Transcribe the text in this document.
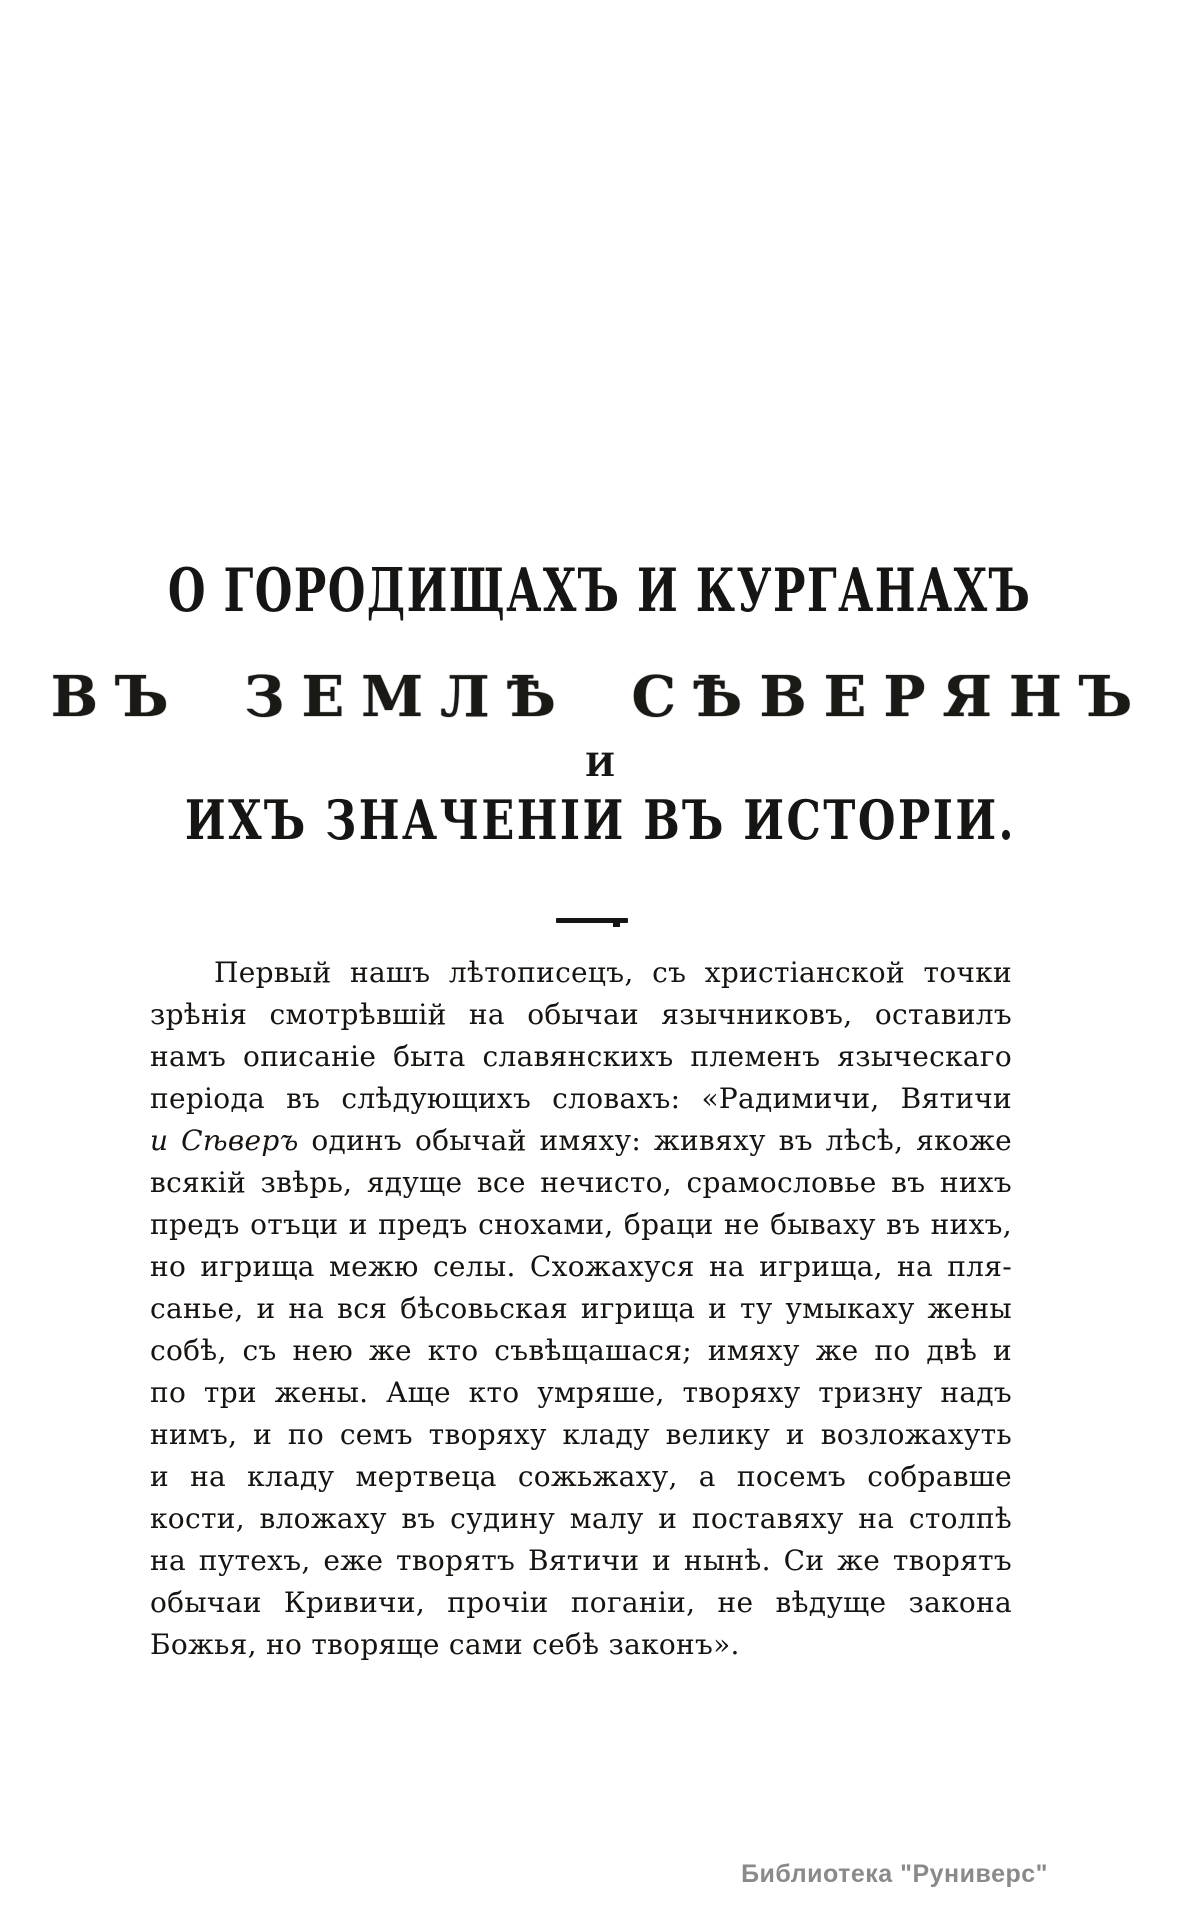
О ГОРОДИЩАХЪ И КУРГАНАХЪ
ВЪ ЗЕМЛѢ СѢВЕРЯНЪ
И
ИХЪ ЗНАЧЕНІИ ВЪ ИСТОРІИ.
Первый нашъ лѣтописецъ, съ христіанской точки
зрѣнія смотрѣвшій на обычаи язычниковъ, оставилъ
намъ описаніе быта славянскихъ племенъ языческаго
періода въ слѣдующихъ словахъ: «Радимичи, Вятичи
и Сѣверъ одинъ обычай имяху: живяху въ лѣсѣ, якоже
всякій звѣрь, ядуще все нечисто, срамословье въ нихъ
предъ отъци и предъ снохами, браци не бываху въ нихъ,
но игрища межю селы. Схожахуся на игрища, на пля-
санье, и на вся бѣсовьская игрища и ту умыкаху жены
собѣ, съ нею же кто съвѣщашася; имяху же по двѣ и
по три жены. Аще кто умряше, творяху тризну надъ
нимъ, и по семъ творяху кладу велику и возложахуть
и на кладу мертвеца сожьжаху, а посемъ собравше
кости, вложаху въ судину малу и поставяху на столпѣ
на путехъ, еже творятъ Вятичи и нынѣ. Си же творятъ
обычаи Кривичи, прочіи поганіи, не вѣдуще закона
Божья, но творяще сами себѣ законъ».
Библиотека "Руниверс"
